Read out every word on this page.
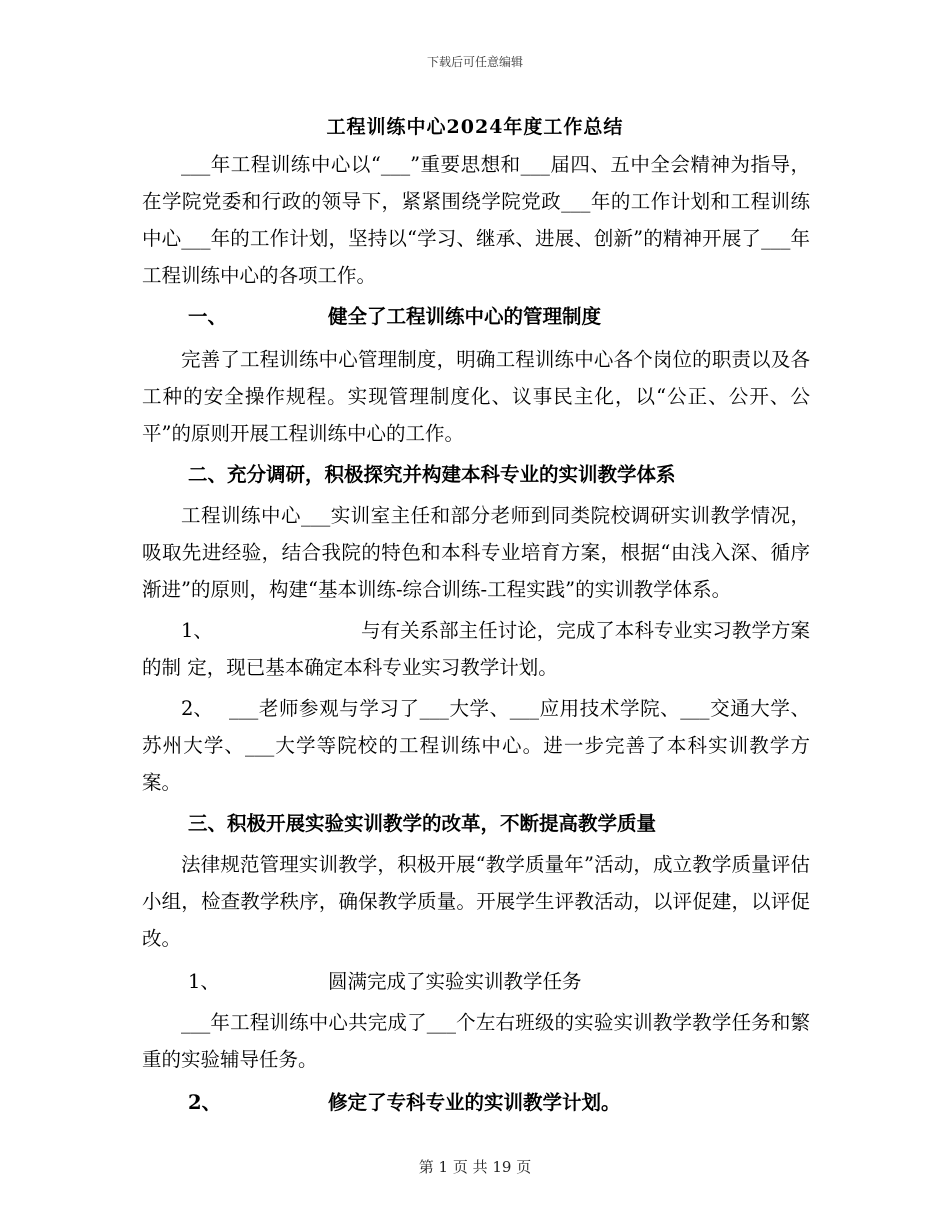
下载后可任意编辑
工程训练中心2024年度工作总结

___年工程训练中心以“___”重要思想和___届四、五中全会精神为指导，在学院党委和行政的领导下，紧紧围绕学院党政___年的工作计划和工程训练中心___年的工作计划，坚持以“学习、继承、进展、创新”的精神开展了___年工程训练中心的各项工作。

一、	健全了工程训练中心的管理制度

完善了工程训练中心管理制度，明确工程训练中心各个岗位的职责以及各工种的安全操作规程。实现管理制度化、议事民主化，以“公正、公开、公平”的原则开展工程训练中心的工作。

二、充分调研，积极探究并构建本科专业的实训教学体系

工程训练中心___实训室主任和部分老师到同类院校调研实训教学情况，吸取先进经验，结合我院的特色和本科专业培育方案，根据“由浅入深、循序渐进”的原则，构建“基本训练-综合训练-工程实践”的实训教学体系。

1、	与有关系部主任讨论，完成了本科专业实习教学方案的制 定，现已基本确定本科专业实习教学计划。

2、 ___老师参观与学习了___大学、___应用技术学院、___交通大学、苏州大学、___大学等院校的工程训练中心。进一步完善了本科实训教学方案。

三、积极开展实验实训教学的改革，不断提高教学质量

法律规范管理实训教学，积极开展“教学质量年”活动，成立教学质量评估小组，检查教学秩序，确保教学质量。开展学生评教活动，以评促建，以评促改。

1、	圆满完成了实验实训教学任务

___年工程训练中心共完成了___个左右班级的实验实训教学教学任务和繁重的实验辅导任务。

2、	修定了专科专业的实训教学计划。

第 1 页 共 19 页
